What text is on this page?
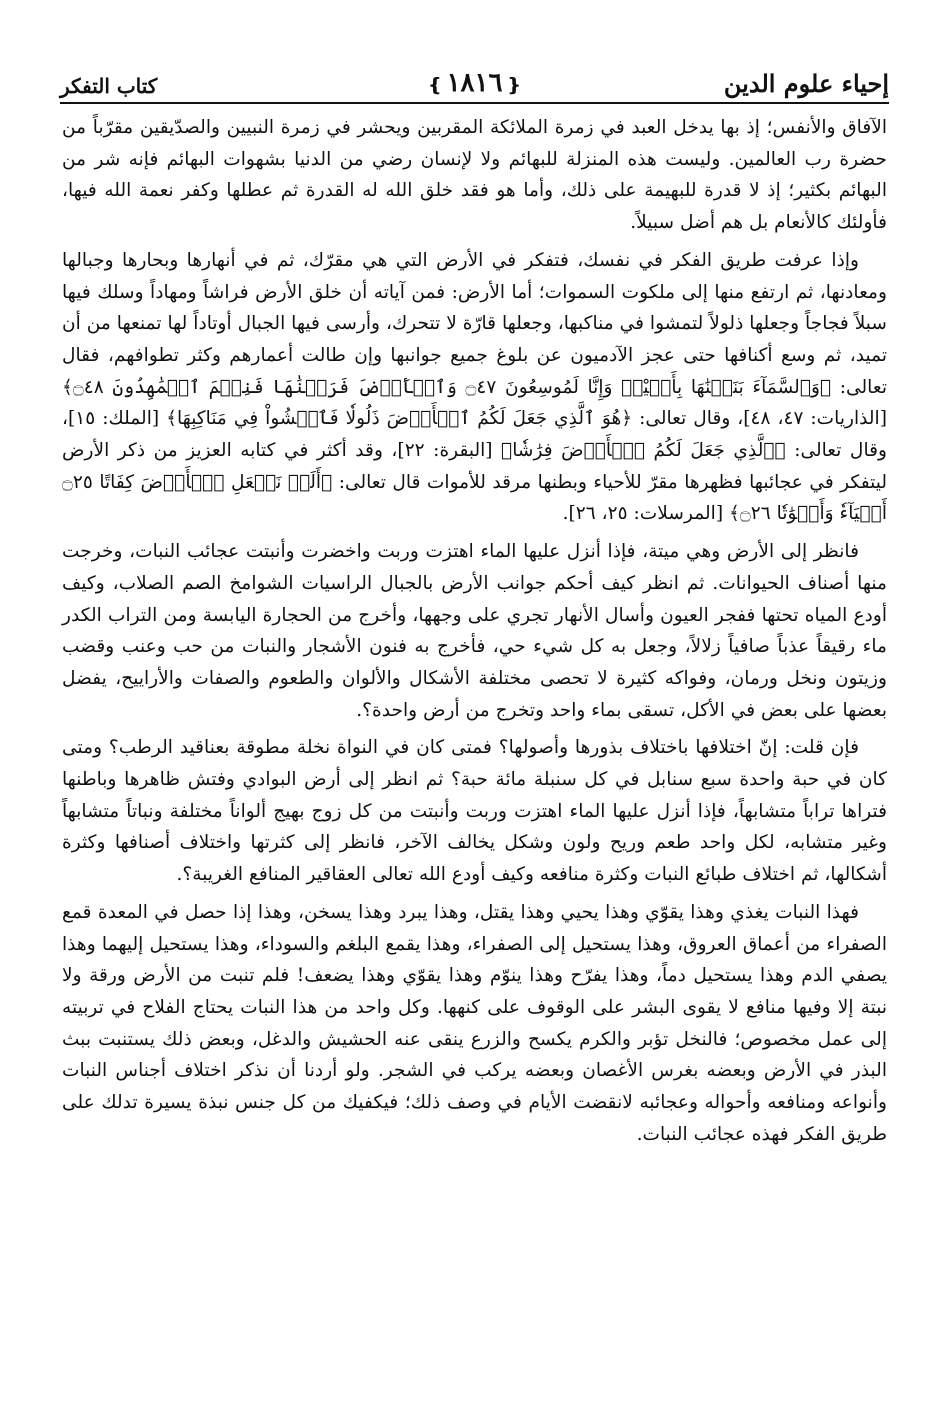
إحياء علوم الدين
❴١٨١٦❵
كتاب التفكر

الآفاق والأنفس؛ إذ بها يدخل العبد في زمرة الملائكة المقربين ويحشر في زمرة النبيين والصدّيقين مقرّباً من حضرة رب العالمين. وليست هذه المنزلة للبهائم ولا لإنسان رضي من الدنيا بشهوات البهائم فإنه شر من البهائم بكثير؛ إذ لا قدرة للبهيمة على ذلك، وأما هو فقد خلق الله له القدرة ثم عطلها وكفر نعمة الله فيها، فأولئك كالأنعام بل هم أضل سبيلاً.

وإذا عرفت طريق الفكر في نفسك، فتفكر في الأرض التي هي مقرّك، ثم في أنهارها وبحارها وجبالها ومعادنها، ثم ارتفع منها إلى ملكوت السموات؛ أما الأرض: فمن آياته أن خلق الأرض فراشاً ومهاداً وسلك فيها سبلاً فجاجاً وجعلها ذلولاً لتمشوا في مناكبها، وجعلها قارّة لا تتحرك، وأرسى فيها الجبال أوتاداً لها تمنعها من أن تميد، ثم وسع أكنافها حتى عجز الآدميون عن بلوغ جميع جوانبها وإن طالت أعمارهم وكثر تطوافهم، فقال تعالى: ﴿وَٱلسَّمَآءَ بَنَيۡنَٰهَا بِأَيۡيْدٖ وَإِنَّا لَمُوسِعُونَ ۝٤٧ وَٱلۡأَرۡضَ فَرَشۡنَٰهَا فَنِعۡمَ ٱلۡمَٰهِدُونَ ۝٤٨﴾ [الذاريات: ٤٧، ٤٨]، وقال تعالى: ﴿هُوَ ٱلَّذِي جَعَلَ لَكُمُ ٱلۡأَرۡضَ ذَلُولٗا فَٱمۡشُواْ فِي مَنَاكِبِهَا﴾ [الملك: ١٥]، وقال تعالى: ﴿ٱلَّذِي جَعَلَ لَكُمُ ٱلۡأَرۡضَ فِرَٰشٗا﴾ [البقرة: ٢٢]، وقد أكثر في كتابه العزيز من ذكر الأرض ليتفكر في عجائبها فظهرها مقرّ للأحياء وبطنها مرقد للأموات قال تعالى: ﴿أَلَمۡ نَجۡعَلِ ٱلۡأَرۡضَ كِفَاتًا ۝٢٥ أَحۡيَآءٗ وَأَمۡوَٰتٗا ۝٢٦﴾ [المرسلات: ٢٥، ٢٦].

فانظر إلى الأرض وهي ميتة، فإذا أنزل عليها الماء اهتزت وربت واخضرت وأنبتت عجائب النبات، وخرجت منها أصناف الحيوانات. ثم انظر كيف أحكم جوانب الأرض بالجبال الراسيات الشوامخ الصم الصلاب، وكيف أودع المياه تحتها ففجر العيون وأسال الأنهار تجري على وجهها، وأخرج من الحجارة اليابسة ومن التراب الكدر ماء رقيقاً عذباً صافياً زلالاً، وجعل به كل شيء حي، فأخرج به فنون الأشجار والنبات من حب وعنب وقضب وزيتون ونخل ورمان، وفواكه كثيرة لا تحصى مختلفة الأشكال والألوان والطعوم والصفات والأراييح، يفضل بعضها على بعض في الأكل، تسقى بماء واحد وتخرج من أرض واحدة؟.

فإن قلت: إنّ اختلافها باختلاف بذورها وأصولها؟ فمتى كان في النواة نخلة مطوقة بعناقيد الرطب؟ ومتى كان في حبة واحدة سبع سنابل في كل سنبلة مائة حبة؟ ثم انظر إلى أرض البوادي وفتش ظاهرها وباطنها فتراها تراباً متشابهاً، فإذا أنزل عليها الماء اهتزت وربت وأنبتت من كل زوج بهيج ألواناً مختلفة ونباتاً متشابهاً وغير متشابه، لكل واحد طعم وريح ولون وشكل يخالف الآخر، فانظر إلى كثرتها واختلاف أصنافها وكثرة أشكالها، ثم اختلاف طبائع النبات وكثرة منافعه وكيف أودع الله تعالى العقاقير المنافع الغريبة؟.

فهذا النبات يغذي وهذا يقوّي وهذا يحيي وهذا يقتل، وهذا يبرد وهذا يسخن، وهذا إذا حصل في المعدة قمع الصفراء من أعماق العروق، وهذا يستحيل إلى الصفراء، وهذا يقمع البلغم والسوداء، وهذا يستحيل إليهما وهذا يصفي الدم وهذا يستحيل دماً، وهذا يفرّح وهذا ينوّم وهذا يقوّي وهذا يضعف! فلم تنبت من الأرض ورقة ولا نبتة إلا وفيها منافع لا يقوى البشر على الوقوف على كنهها. وكل واحد من هذا النبات يحتاج الفلاح في تربيته إلى عمل مخصوص؛ فالنخل تؤبر والكرم يكسح والزرع ينقى عنه الحشيش والدغل، وبعض ذلك يستنبت ببث البذر في الأرض وبعضه بغرس الأغصان وبعضه يركب في الشجر. ولو أردنا أن نذكر اختلاف أجناس النبات وأنواعه ومنافعه وأحواله وعجائبه لانقضت الأيام في وصف ذلك؛ فيكفيك من كل جنس نبذة يسيرة تدلك على طريق الفكر فهذه عجائب النبات.
